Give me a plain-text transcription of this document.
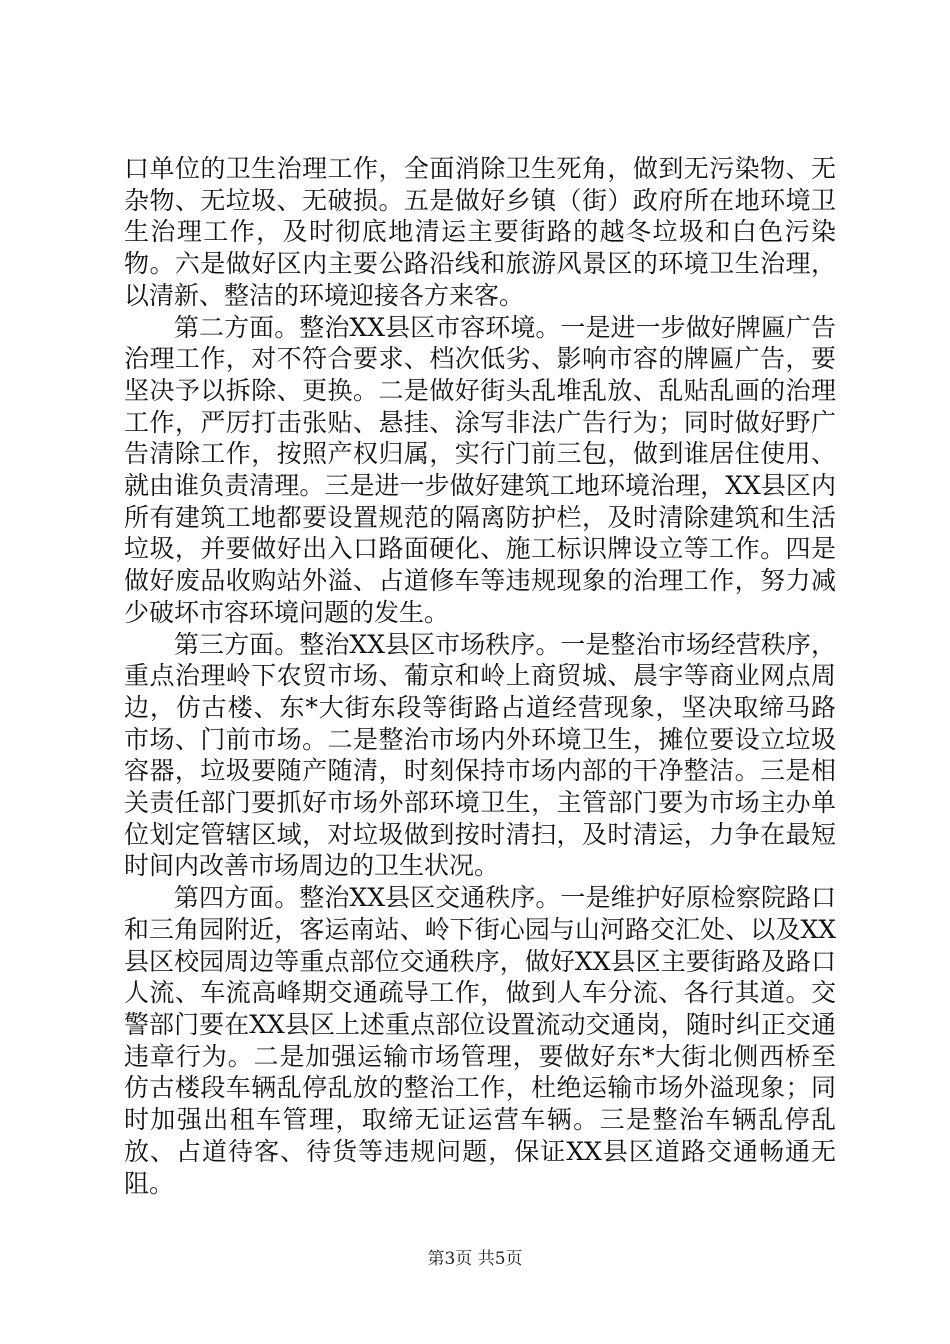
口单位的卫生治理工作，全面消除卫生死角，做到无污染物、无杂物、无垃圾、无破损。五是做好乡镇（街）政府所在地环境卫生治理工作，及时彻底地清运主要街路的越冬垃圾和白色污染物。六是做好区内主要公路沿线和旅游风景区的环境卫生治理，以清新、整洁的环境迎接各方来客。

第二方面。整治XX县区市容环境。一是进一步做好牌匾广告治理工作，对不符合要求、档次低劣、影响市容的牌匾广告，要坚决予以拆除、更换。二是做好街头乱堆乱放、乱贴乱画的治理工作，严厉打击张贴、悬挂、涂写非法广告行为；同时做好野广告清除工作，按照产权归属，实行门前三包，做到谁居住使用、就由谁负责清理。三是进一步做好建筑工地环境治理，XX县区内所有建筑工地都要设置规范的隔离防护栏，及时清除建筑和生活垃圾，并要做好出入口路面硬化、施工标识牌设立等工作。四是做好废品收购站外溢、占道修车等违规现象的治理工作，努力减少破坏市容环境问题的发生。

第三方面。整治XX县区市场秩序。一是整治市场经营秩序，重点治理岭下农贸市场、葡京和岭上商贸城、晨宇等商业网点周边，仿古楼、东*大街东段等街路占道经营现象，坚决取缔马路市场、门前市场。二是整治市场内外环境卫生，摊位要设立垃圾容器，垃圾要随产随清，时刻保持市场内部的干净整洁。三是相关责任部门要抓好市场外部环境卫生，主管部门要为市场主办单位划定管辖区域，对垃圾做到按时清扫，及时清运，力争在最短时间内改善市场周边的卫生状况。

第四方面。整治XX县区交通秩序。一是维护好原检察院路口和三角园附近，客运南站、岭下街心园与山河路交汇处、以及XX县区校园周边等重点部位交通秩序，做好XX县区主要街路及路口人流、车流高峰期交通疏导工作，做到人车分流、各行其道。交警部门要在XX县区上述重点部位设置流动交通岗，随时纠正交通违章行为。二是加强运输市场管理，要做好东*大街北侧西桥至仿古楼段车辆乱停乱放的整治工作，杜绝运输市场外溢现象；同时加强出租车管理，取缔无证运营车辆。三是整治车辆乱停乱放、占道待客、待货等违规问题，保证XX县区道路交通畅通无阻。

第3页 共5页
